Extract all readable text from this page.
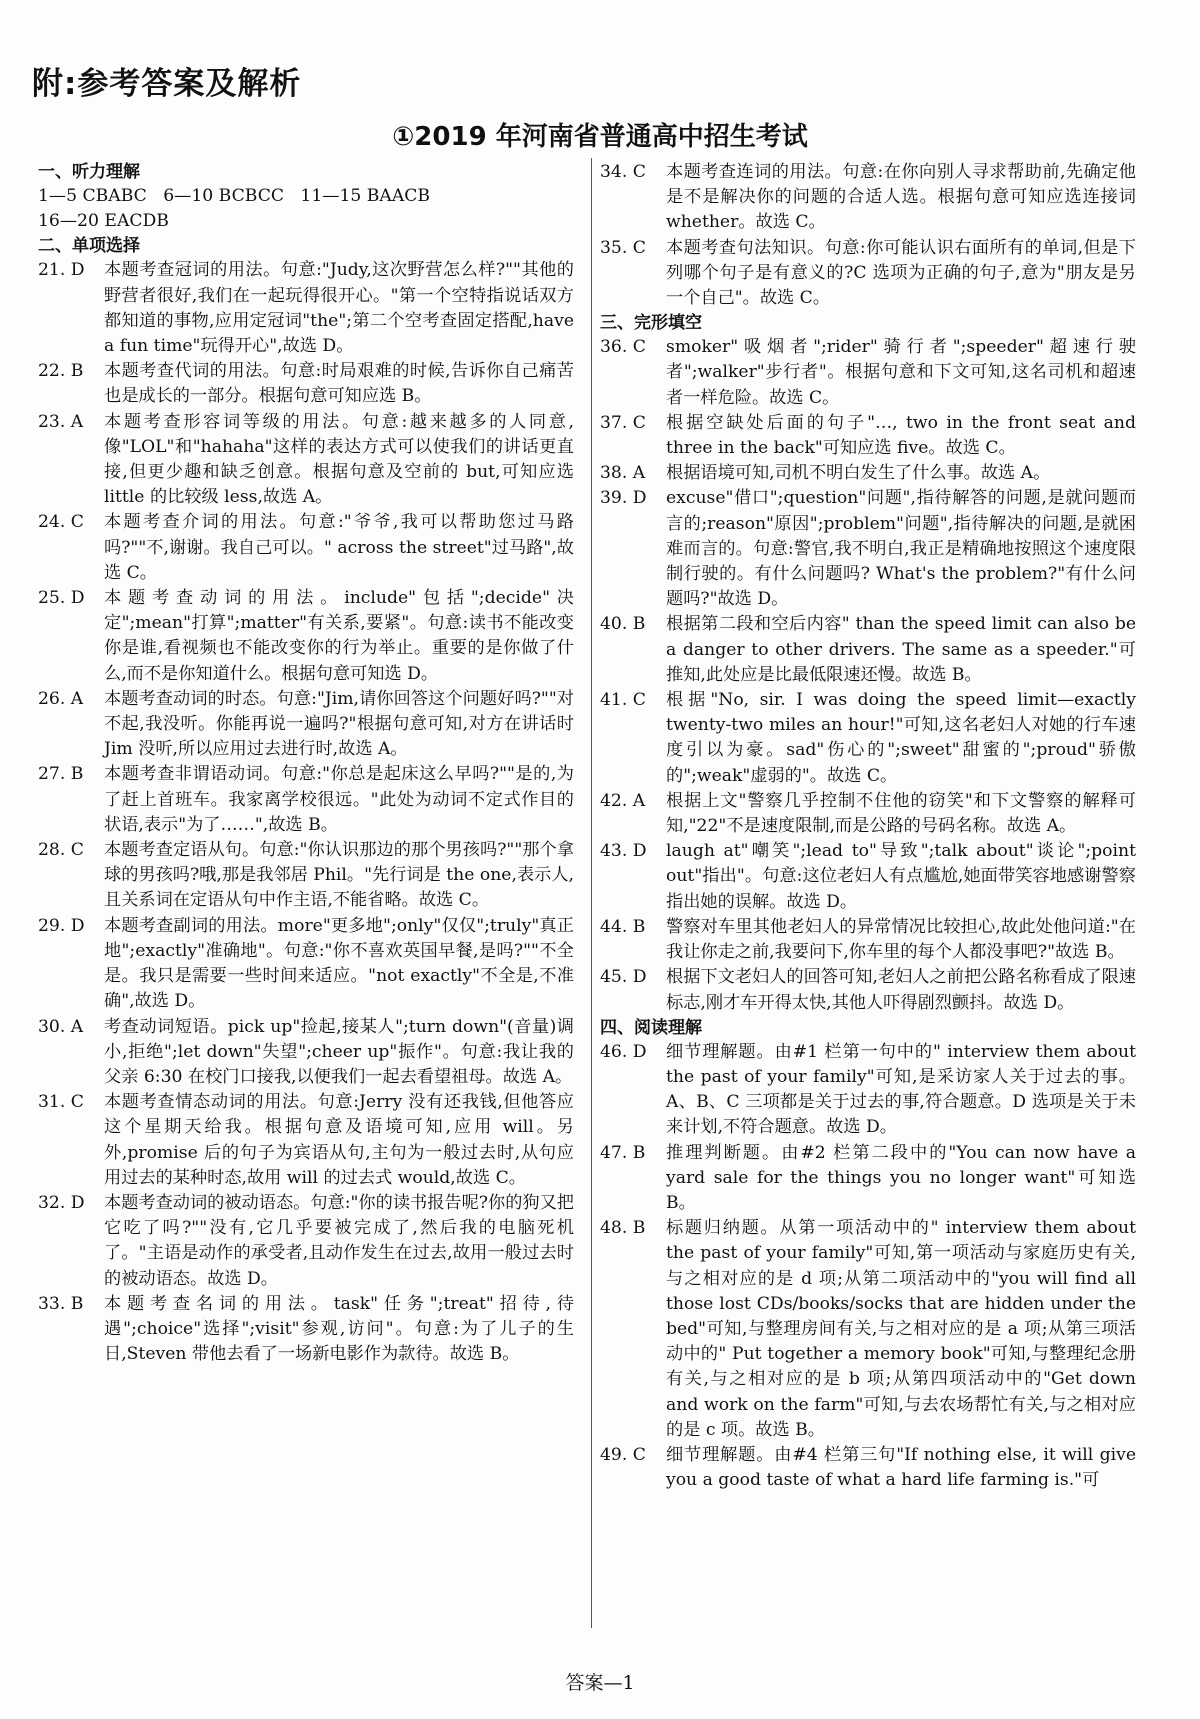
附:参考答案及解析
①2019 年河南省普通高中招生考试
一、听力理解
1—5 CBABC   6—10 BCBCC   11—15 BAACB
16—20 EACDB
二、单项选择
21. D	本题考查冠词的用法。句意:"Judy,这次野营怎么样?""其他的野营者很好,我们在一起玩得很开心。"第一个空特指说话双方都知道的事物,应用定冠词"the";第二个空考查固定搭配,have a fun time"玩得开心",故选 D。
22. B	本题考查代词的用法。句意:时局艰难的时候,告诉你自己痛苦也是成长的一部分。根据句意可知应选 B。
23. A	本题考查形容词等级的用法。句意:越来越多的人同意,像"LOL"和"hahaha"这样的表达方式可以使我们的讲话更直接,但更少趣和缺乏创意。根据句意及空前的 but,可知应选 little 的比较级 less,故选 A。
24. C	本题考查介词的用法。句意:"爷爷,我可以帮助您过马路吗?""不,谢谢。我自己可以。" across the street"过马路",故选 C。
25. D	本题考查动词的用法。include"包括";decide"决定";mean"打算";matter"有关系,要紧"。句意:读书不能改变你是谁,看视频也不能改变你的行为举止。重要的是你做了什么,而不是你知道什么。根据句意可知选 D。
26. A	本题考查动词的时态。句意:"Jim,请你回答这个问题好吗?""对不起,我没听。你能再说一遍吗?"根据句意可知,对方在讲话时 Jim 没听,所以应用过去进行时,故选 A。
27. B	本题考查非谓语动词。句意:"你总是起床这么早吗?""是的,为了赶上首班车。我家离学校很远。"此处为动词不定式作目的状语,表示"为了……",故选 B。
28. C	本题考查定语从句。句意:"你认识那边的那个男孩吗?""那个拿球的男孩吗?哦,那是我邻居 Phil。"先行词是 the one,表示人,且关系词在定语从句中作主语,不能省略。故选 C。
29. D	本题考查副词的用法。more"更多地";only"仅仅";truly"真正地";exactly"准确地"。句意:"你不喜欢英国早餐,是吗?""不全是。我只是需要一些时间来适应。"not exactly"不全是,不准确",故选 D。
30. A	考查动词短语。pick up"捡起,接某人";turn down"(音量)调小,拒绝";let down"失望";cheer up"振作"。句意:我让我的父亲 6:30 在校门口接我,以便我们一起去看望祖母。故选 A。
31. C	本题考查情态动词的用法。句意:Jerry 没有还我钱,但他答应这个星期天给我。根据句意及语境可知,应用 will。另外,promise 后的句子为宾语从句,主句为一般过去时,从句应用过去的某种时态,故用 will 的过去式 would,故选 C。
32. D	本题考查动词的被动语态。句意:"你的读书报告呢?你的狗又把它吃了吗?""没有,它几乎要被完成了,然后我的电脑死机了。"主语是动作的承受者,且动作发生在过去,故用一般过去时的被动语态。故选 D。
33. B	本题考查名词的用法。task"任务";treat"招待,待遇";choice"选择";visit"参观,访问"。句意:为了儿子的生日,Steven 带他去看了一场新电影作为款待。故选 B。
34. C	本题考查连词的用法。句意:在你向别人寻求帮助前,先确定他是不是解决你的问题的合适人选。根据句意可知应选连接词 whether。故选 C。
35. C	本题考查句法知识。句意:你可能认识右面所有的单词,但是下列哪个句子是有意义的?C 选项为正确的句子,意为"朋友是另一个自己"。故选 C。
三、完形填空
36. C	smoker"吸烟者";rider"骑行者";speeder"超速行驶者";walker"步行者"。根据句意和下文可知,这名司机和超速者一样危险。故选 C。
37. C	根据空缺处后面的句子"…, two in the front seat and three in the back"可知应选 five。故选 C。
38. A	根据语境可知,司机不明白发生了什么事。故选 A。
39. D	excuse"借口";question"问题",指待解答的问题,是就问题而言的;reason"原因";problem"问题",指待解决的问题,是就困难而言的。句意:警官,我不明白,我正是精确地按照这个速度限制行驶的。有什么问题吗? What's the problem?"有什么问题吗?"故选 D。
40. B	根据第二段和空后内容" than the speed limit can also be a danger to other drivers. The same as a speeder."可推知,此处应是比最低限速还慢。故选 B。
41. C	根据"No, sir. I was doing the speed limit—exactly twenty-two miles an hour!"可知,这名老妇人对她的行车速度引以为豪。sad"伤心的";sweet"甜蜜的";proud"骄傲的";weak"虚弱的"。故选 C。
42. A	根据上文"警察几乎控制不住他的窃笑"和下文警察的解释可知,"22"不是速度限制,而是公路的号码名称。故选 A。
43. D	laugh at"嘲笑";lead to"导致";talk about"谈论";point out"指出"。句意:这位老妇人有点尴尬,她面带笑容地感谢警察指出她的误解。故选 D。
44. B	警察对车里其他老妇人的异常情况比较担心,故此处他问道:"在我让你走之前,我要问下,你车里的每个人都没事吧?"故选 B。
45. D	根据下文老妇人的回答可知,老妇人之前把公路名称看成了限速标志,刚才车开得太快,其他人吓得剧烈颤抖。故选 D。
四、阅读理解
46. D	细节理解题。由#1 栏第一句中的" interview them about the past of your family"可知,是采访家人关于过去的事。A、B、C 三项都是关于过去的事,符合题意。D 选项是关于未来计划,不符合题意。故选 D。
47. B	推理判断题。由#2 栏第二段中的"You can now have a yard sale for the things you no longer want"可知选 B。
48. B	标题归纳题。从第一项活动中的" interview them about the past of your family"可知,第一项活动与家庭历史有关,与之相对应的是 d 项;从第二项活动中的"you will find all those lost CDs/books/socks that are hidden under the bed"可知,与整理房间有关,与之相对应的是 a 项;从第三项活动中的" Put together a memory book"可知,与整理纪念册有关,与之相对应的是 b 项;从第四项活动中的"Get down and work on the farm"可知,与去农场帮忙有关,与之相对应的是 c 项。故选 B。
49. C	细节理解题。由#4 栏第三句"If nothing else, it will give you a good taste of what a hard life farming is."可
答案—1
